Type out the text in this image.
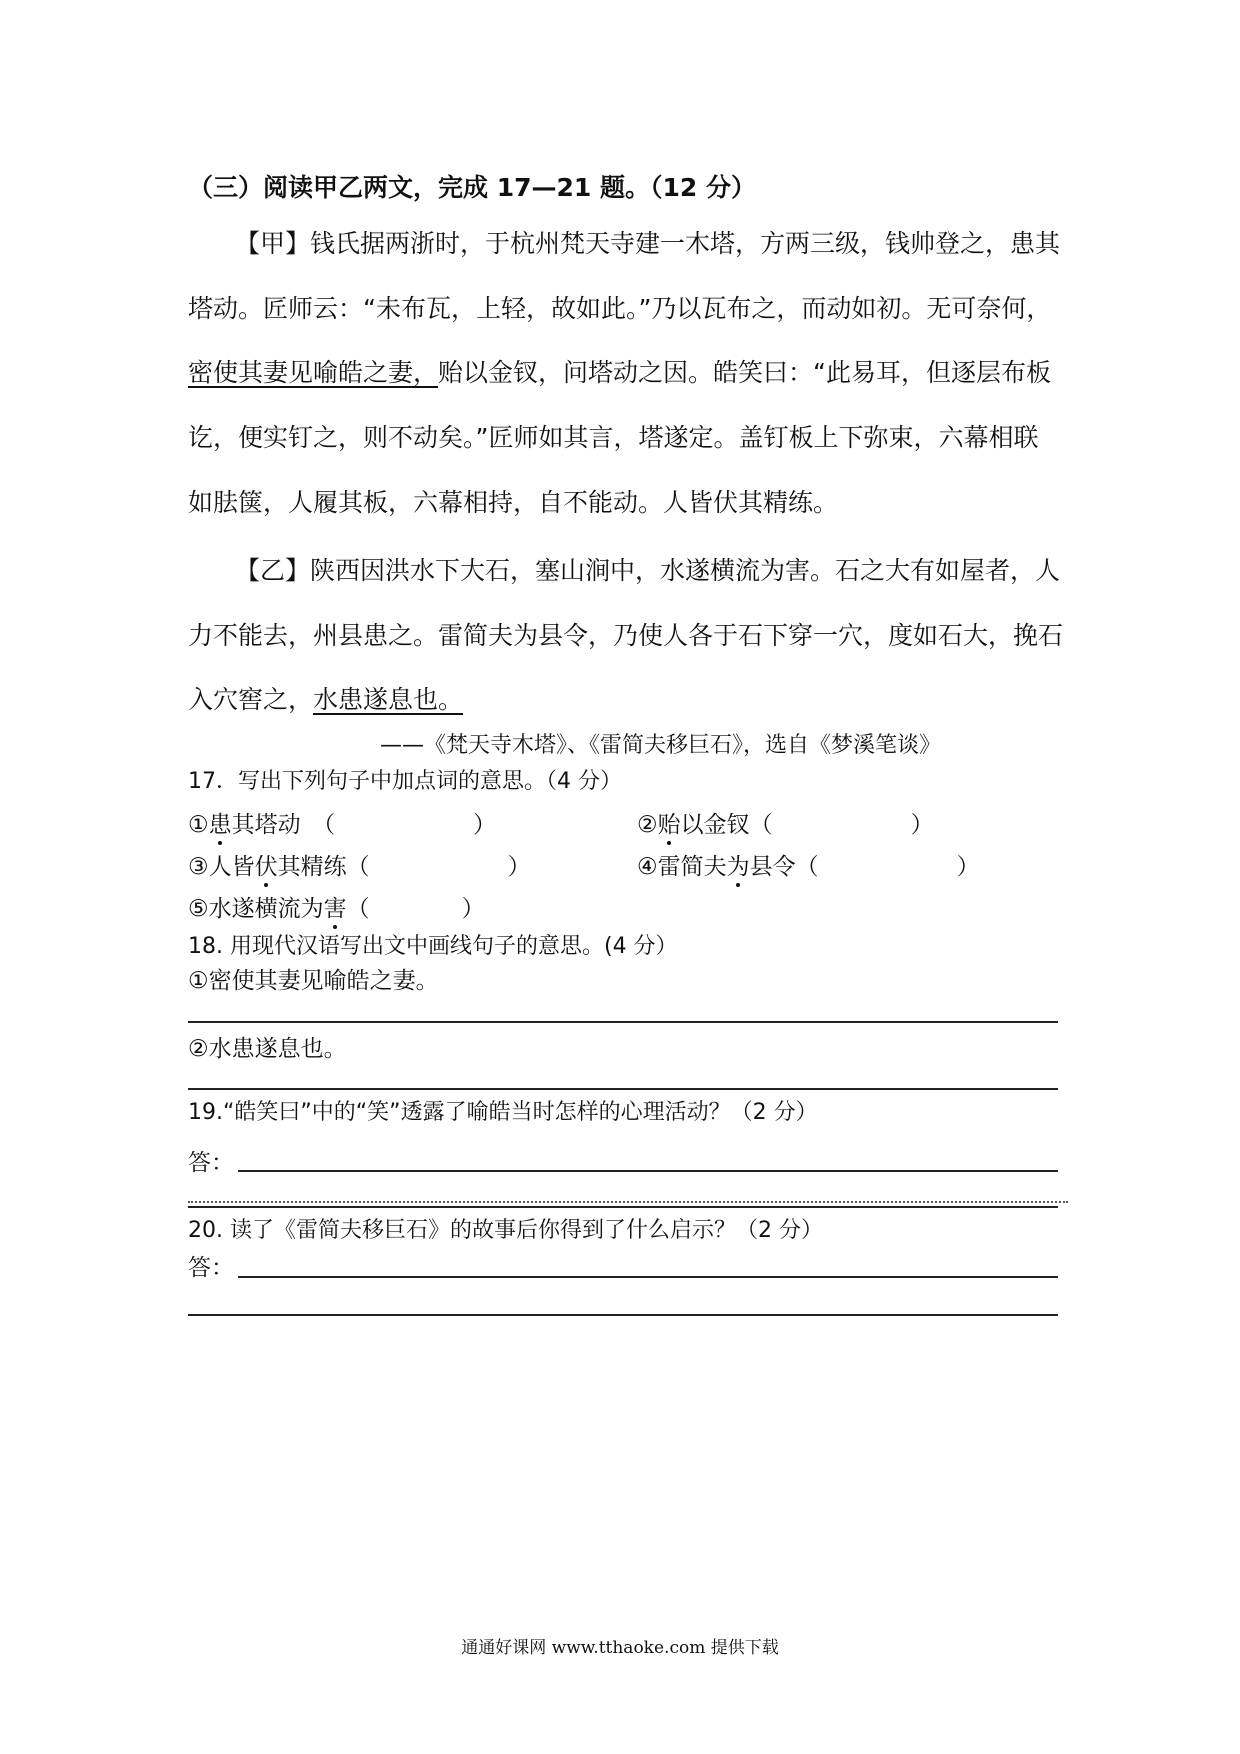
（三）阅读甲乙两文，完成 17—21 题。（12 分）
【甲】钱氏据两浙时，于杭州梵天寺建一木塔，方两三级，钱帅登之，患其
塔动。匠师云：“未布瓦，上轻，故如此。”乃以瓦布之，而动如初。无可奈何，
密使其妻见喻皓之妻，贻以金钗，问塔动之因。皓笑曰：“此易耳，但逐层布板
讫，便实钉之，则不动矣。”匠师如其言，塔遂定。盖钉板上下弥束，六幕相联
如胠箧，人履其板，六幕相持，自不能动。人皆伏其精练。
【乙】陕西因洪水下大石，塞山涧中，水遂横流为害。石之大有如屋者，人
力不能去，州县患之。雷简夫为县令，乃使人各于石下穿一穴，度如石大，挽石
入穴窖之，水患遂息也。
——《梵天寺木塔》、《雷简夫移巨石》，选自《梦溪笔谈》
17．写出下列句子中加点词的意思。（4 分）
①患其塔动　（　　　　　　）	②贻以金钗（　　　　　　）
③人皆伏其精练（　　　　　　）	④雷简夫为县令（　　　　　　）
⑤水遂横流为害（　　　　）
18. 用现代汉语写出文中画线句子的意思。(4 分）
①密使其妻见喻皓之妻。
②水患遂息也。
19.“皓笑曰”中的“笑”透露了喻皓当时怎样的心理活动？（2 分）
答：
20. 读了《雷简夫移巨石》的故事后你得到了什么启示？（2 分）
答：
通通好课网 www.tthaoke.com 提供下载
